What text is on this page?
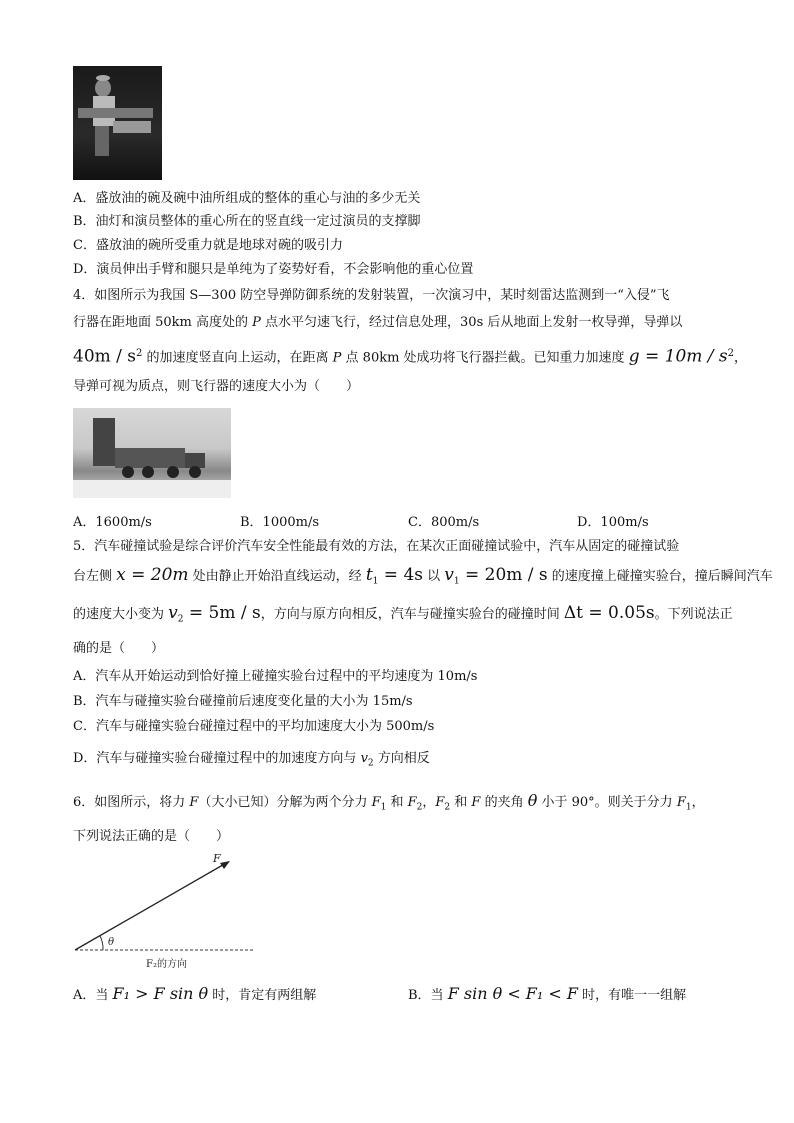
A．盛放油的碗及碗中油所组成的整体的重心与油的多少无关
B．油灯和演员整体的重心所在的竖直线一定过演员的支撑脚
C．盛放油的碗所受重力就是地球对碗的吸引力
D．演员伸出手臂和腿只是单纯为了姿势好看，不会影响他的重心位置
4．如图所示为我国 S—300 防空导弹防御系统的发射装置，一次演习中，某时刻雷达监测到一“入侵”飞
行器在距地面 50km 高度处的 P 点水平匀速飞行，经过信息处理，30s 后从地面上发射一枚导弹，导弹以
$40m / s^2$ 的加速度竖直向上运动，在距离 P 点 80km 处成功将飞行器拦截。已知重力加速度 $g = 10m / s^2$，
导弹可视为质点，则飞行器的速度大小为（　　）
A．1600m/s	B．1000m/s	C．800m/s	D．100m/s
5．汽车碰撞试验是综合评价汽车安全性能最有效的方法，在某次正面碰撞试验中，汽车从固定的碰撞试验
台左侧 x = 20m 处由静止开始沿直线运动，经 $t_1 = 4s$ 以 $v_1 = 20m / s$ 的速度撞上碰撞实验台，撞后瞬间汽车
的速度大小变为 $v_2 = 5m / s$，方向与原方向相反，汽车与碰撞实验台的碰撞时间 Δt = 0.05s。下列说法正
确的是（　　）
A．汽车从开始运动到恰好撞上碰撞实验台过程中的平均速度为 10m/s
B．汽车与碰撞实验台碰撞前后速度变化量的大小为 15m/s
C．汽车与碰撞实验台碰撞过程中的平均加速度大小为 500m/s
D．汽车与碰撞实验台碰撞过程中的加速度方向与 $v_2$ 方向相反
6．如图所示，将力 F（大小已知）分解为两个分力 $F_1$ 和 $F_2$，$F_2$ 和 F 的夹角 θ 小于 90°。则关于分力 $F_1$，
下列说法正确的是（　　）
F
θ
F₂的方向
A．当 F₁ > F sin θ 时，肯定有两组解	B．当 F sin θ < F₁ < F 时，有唯一一组解
